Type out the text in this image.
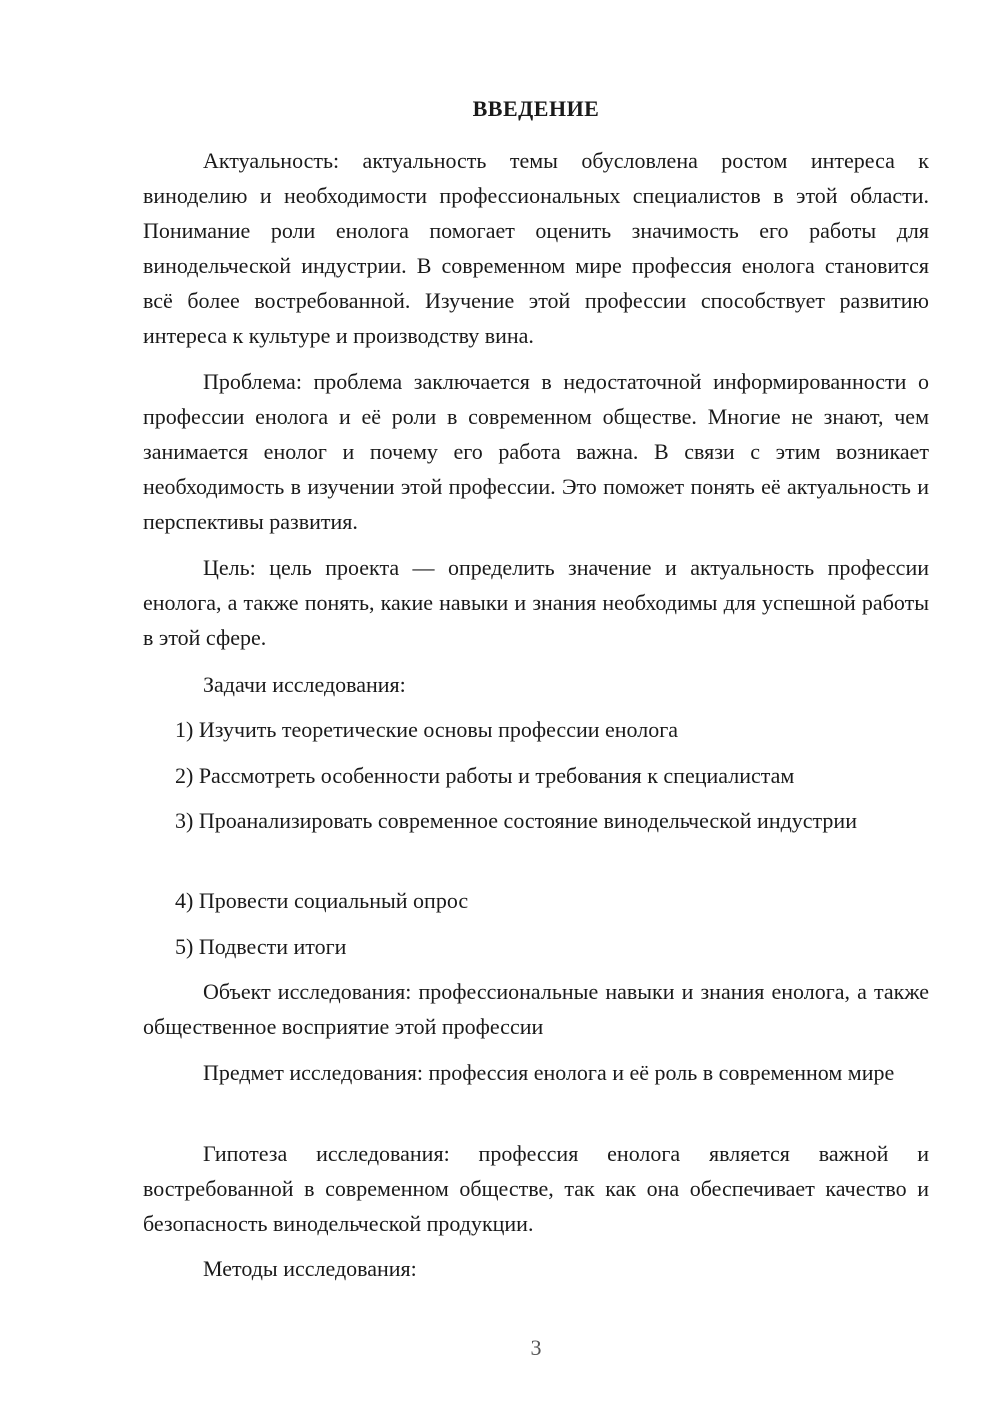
ВВЕДЕНИЕ

Актуальность: актуальность темы обусловлена ростом интереса к виноделию и необходимости профессиональных специалистов в этой области. Понимание роли енолога помогает оценить значимость его работы для винодельческой индустрии. В современном мире профессия енолога становится всё более востребованной. Изучение этой профессии способствует развитию интереса к культуре и производству вина.

Проблема: проблема заключается в недостаточной информированности о профессии енолога и её роли в современном обществе. Многие не знают, чем занимается енолог и почему его работа важна. В связи с этим возникает необходимость в изучении этой профессии. Это поможет понять её актуальность и перспективы развития.

Цель: цель проекта — определить значение и актуальность профессии енолога, а также понять, какие навыки и знания необходимы для успешной работы в этой сфере.

Задачи исследования:

1) Изучить теоретические основы профессии енолога

2) Рассмотреть особенности работы и требования к специалистам

3) Проанализировать современное состояние винодельческой индустрии

4) Провести социальный опрос

5) Подвести итоги

Объект исследования: профессиональные навыки и знания енолога, а также общественное восприятие этой профессии

Предмет исследования: профессия енолога и её роль в современном мире

Гипотеза исследования: профессия енолога является важной и востребованной в современном обществе, так как она обеспечивает качество и безопасность винодельческой продукции.

Методы исследования:

3
